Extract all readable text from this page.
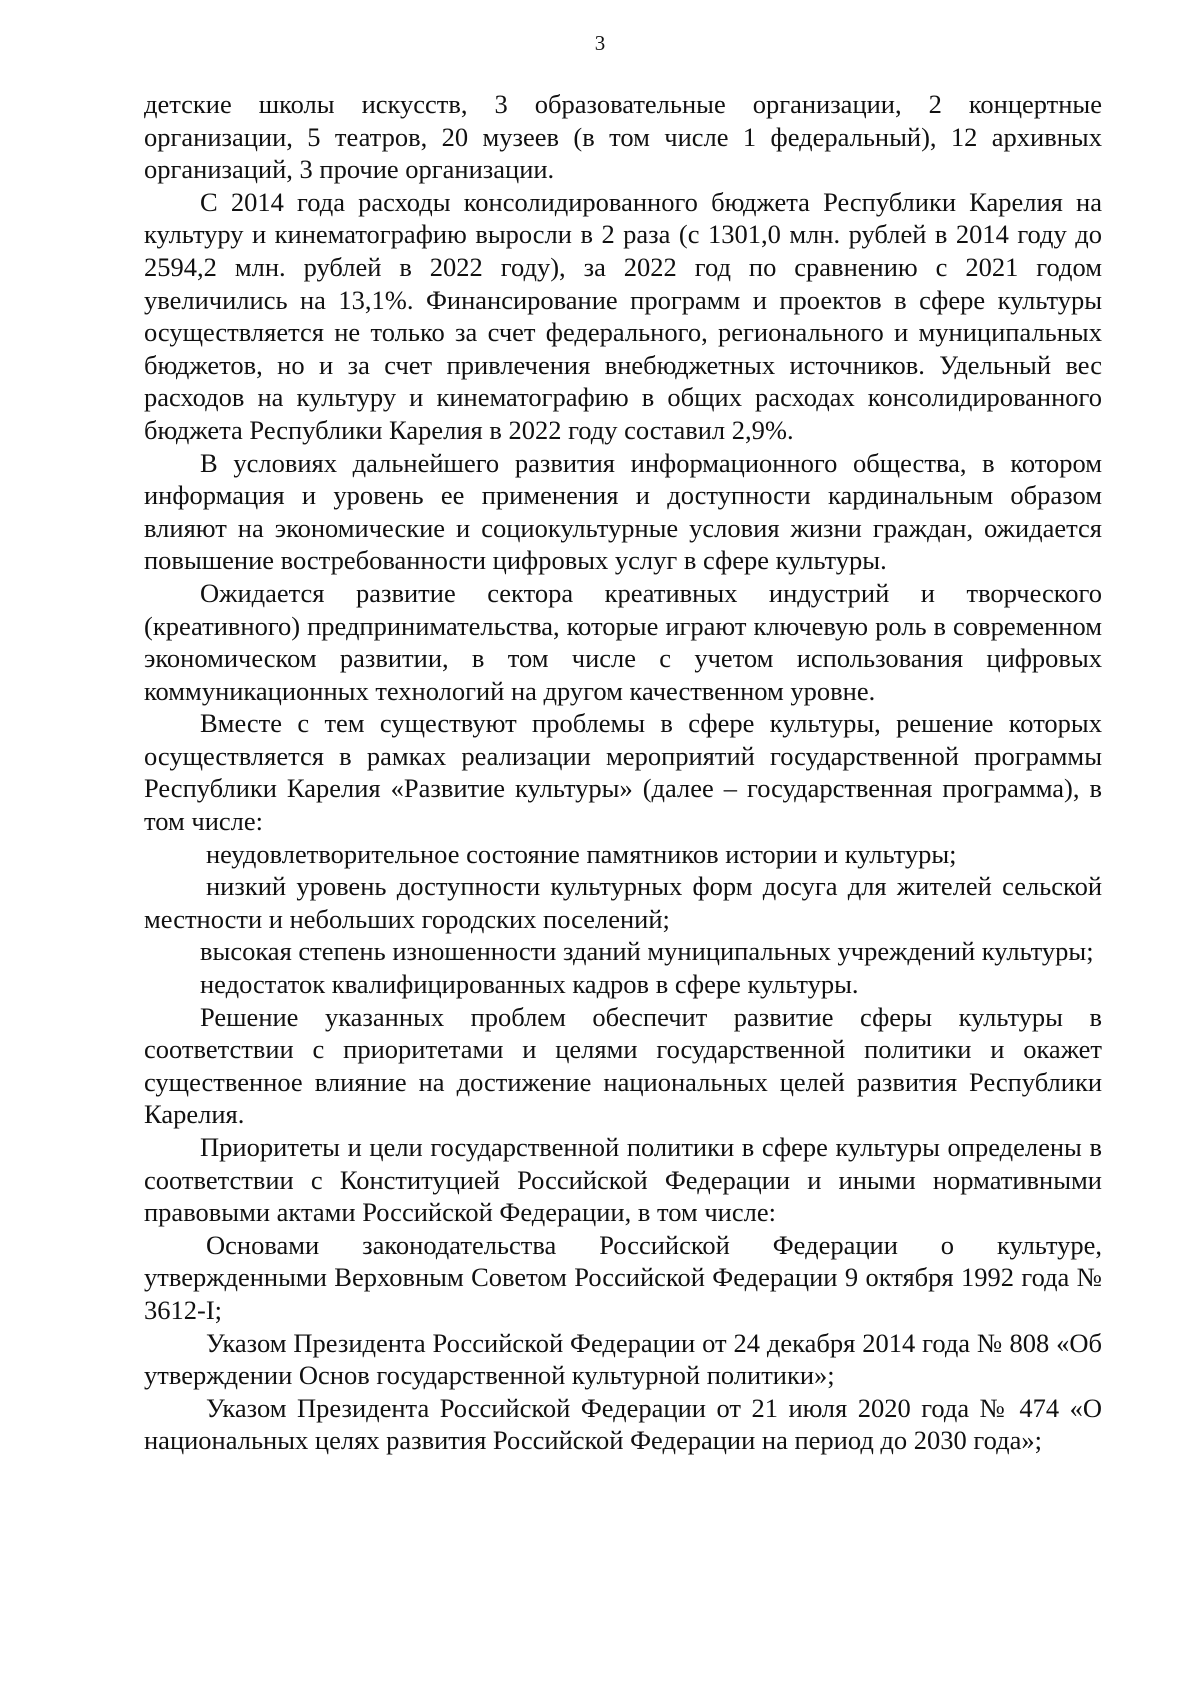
3

детские школы искусств, 3 образовательные организации, 2 концертные организации, 5 театров, 20 музеев (в том числе 1 федеральный), 12 архивных организаций, 3 прочие организации.

С 2014 года расходы консолидированного бюджета Республики Карелия на культуру и кинематографию выросли в 2 раза (с 1301,0 млн. рублей в 2014 году до 2594,2 млн. рублей в 2022 году), за 2022 год по сравнению с 2021 годом увеличились на 13,1%. Финансирование программ и проектов в сфере культуры осуществляется не только за счет федерального, регионального и муниципальных бюджетов, но и за счет привлечения внебюджетных источников. Удельный вес расходов на культуру и кинематографию в общих расходах консолидированного бюджета Республики Карелия в 2022 году составил 2,9%.

В условиях дальнейшего развития информационного общества, в котором информация и уровень ее применения и доступности кардинальным образом влияют на экономические и социокультурные условия жизни граждан, ожидается повышение востребованности цифровых услуг в сфере культуры.

Ожидается развитие сектора креативных индустрий и творческого (креативного) предпринимательства, которые играют ключевую роль в современном экономическом развитии, в том числе с учетом использования цифровых коммуникационных технологий на другом качественном уровне.

Вместе с тем существуют проблемы в сфере культуры, решение которых осуществляется в рамках реализации мероприятий государственной программы Республики Карелия «Развитие культуры» (далее – государственная программа), в том числе:

неудовлетворительное состояние памятников истории и культуры;

низкий уровень доступности культурных форм досуга для жителей сельской местности и небольших городских поселений;

высокая степень изношенности зданий муниципальных учреждений культуры;

недостаток квалифицированных кадров в сфере культуры.

Решение указанных проблем обеспечит развитие сферы культуры в соответствии с приоритетами и целями государственной политики и окажет существенное влияние на достижение национальных целей развития Республики Карелия.

Приоритеты и цели государственной политики в сфере культуры определены в соответствии с Конституцией Российской Федерации и иными нормативными правовыми актами Российской Федерации, в том числе:

Основами законодательства Российской Федерации о культуре, утвержденными Верховным Советом Российской Федерации 9 октября 1992 года № 3612-I;

Указом Президента Российской Федерации от 24 декабря 2014 года № 808 «Об утверждении Основ государственной культурной политики»;

Указом Президента Российской Федерации от 21 июля 2020 года № 474 «О национальных целях развития Российской Федерации на период до 2030 года»;
